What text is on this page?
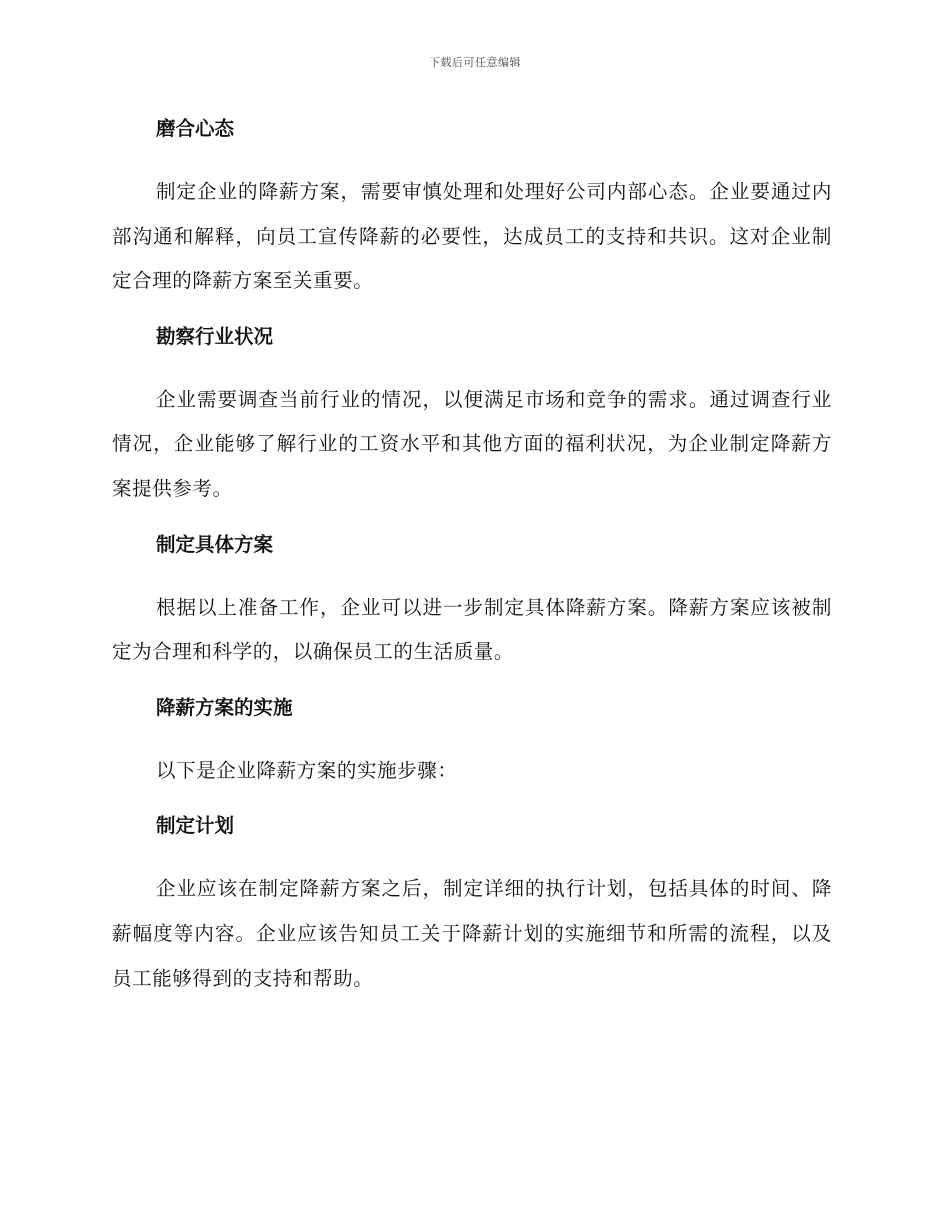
下载后可任意编辑
磨合心态

制定企业的降薪方案，需要审慎处理和处理好公司内部心态。企业要通过内部沟通和解释，向员工宣传降薪的必要性，达成员工的支持和共识。这对企业制定合理的降薪方案至关重要。

勘察行业状况

企业需要调查当前行业的情况，以便满足市场和竞争的需求。通过调查行业情况，企业能够了解行业的工资水平和其他方面的福利状况，为企业制定降薪方案提供参考。

制定具体方案

根据以上准备工作，企业可以进一步制定具体降薪方案。降薪方案应该被制定为合理和科学的，以确保员工的生活质量。

降薪方案的实施

以下是企业降薪方案的实施步骤：

制定计划

企业应该在制定降薪方案之后，制定详细的执行计划，包括具体的时间、降薪幅度等内容。企业应该告知员工关于降薪计划的实施细节和所需的流程，以及员工能够得到的支持和帮助。
